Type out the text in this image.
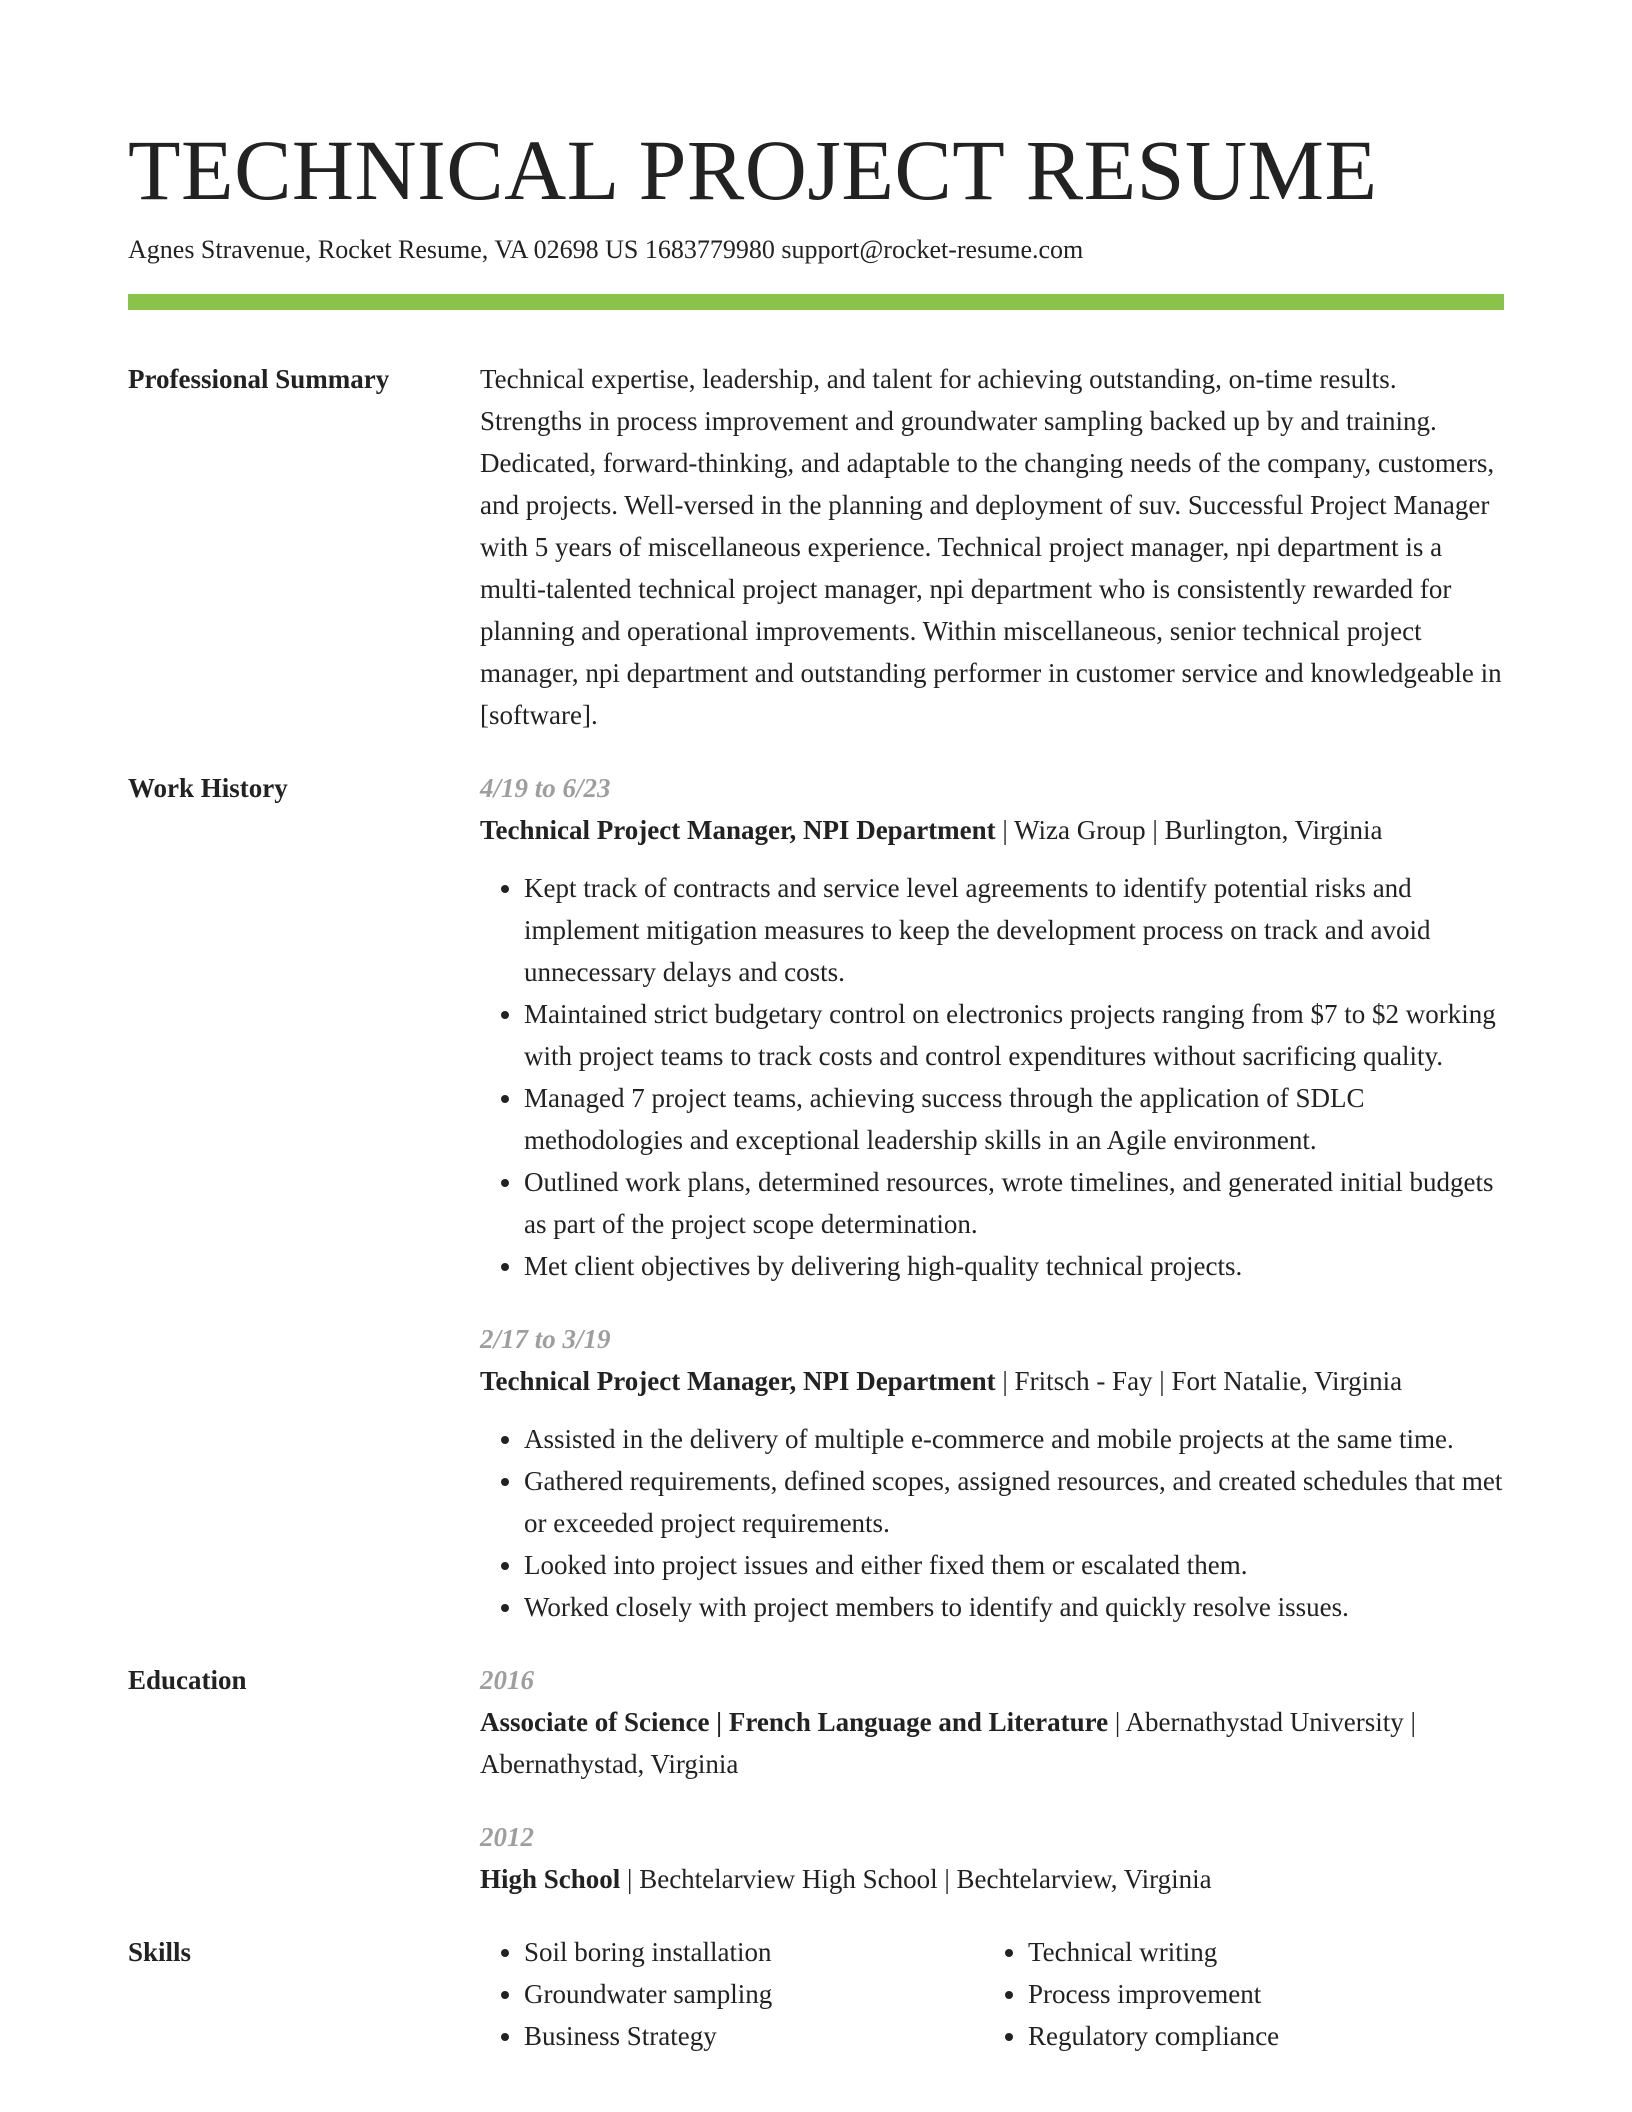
TECHNICAL PROJECT RESUME
Agnes Stravenue, Rocket Resume, VA 02698 US 1683779980 support@rocket-resume.com
Professional Summary	Technical expertise, leadership, and talent for achieving outstanding, on-time results. Strengths in process improvement and groundwater sampling backed up by and training. Dedicated, forward-thinking, and adaptable to the changing needs of the company, customers, and projects. Well-versed in the planning and deployment of suv. Successful Project Manager with 5 years of miscellaneous experience. Technical project manager, npi department is a multi-talented technical project manager, npi department who is consistently rewarded for planning and operational improvements. Within miscellaneous, senior technical project manager, npi department and outstanding performer in customer service and knowledgeable in [software].
Work History	4/19 to 6/23
Technical Project Manager, NPI Department | Wiza Group | Burlington, Virginia
• Kept track of contracts and service level agreements to identify potential risks and implement mitigation measures to keep the development process on track and avoid unnecessary delays and costs.
• Maintained strict budgetary control on electronics projects ranging from $7 to $2 working with project teams to track costs and control expenditures without sacrificing quality.
• Managed 7 project teams, achieving success through the application of SDLC methodologies and exceptional leadership skills in an Agile environment.
• Outlined work plans, determined resources, wrote timelines, and generated initial budgets as part of the project scope determination.
• Met client objectives by delivering high-quality technical projects.
2/17 to 3/19
Technical Project Manager, NPI Department | Fritsch - Fay | Fort Natalie, Virginia
• Assisted in the delivery of multiple e-commerce and mobile projects at the same time.
• Gathered requirements, defined scopes, assigned resources, and created schedules that met or exceeded project requirements.
• Looked into project issues and either fixed them or escalated them.
• Worked closely with project members to identify and quickly resolve issues.
Education	2016
Associate of Science | French Language and Literature | Abernathystad University | Abernathystad, Virginia
2012
High School | Bechtelarview High School | Bechtelarview, Virginia
Skills
•	Soil boring installation
• Groundwater sampling
• Business Strategy
• Technical writing
• Process improvement
• Regulatory compliance
